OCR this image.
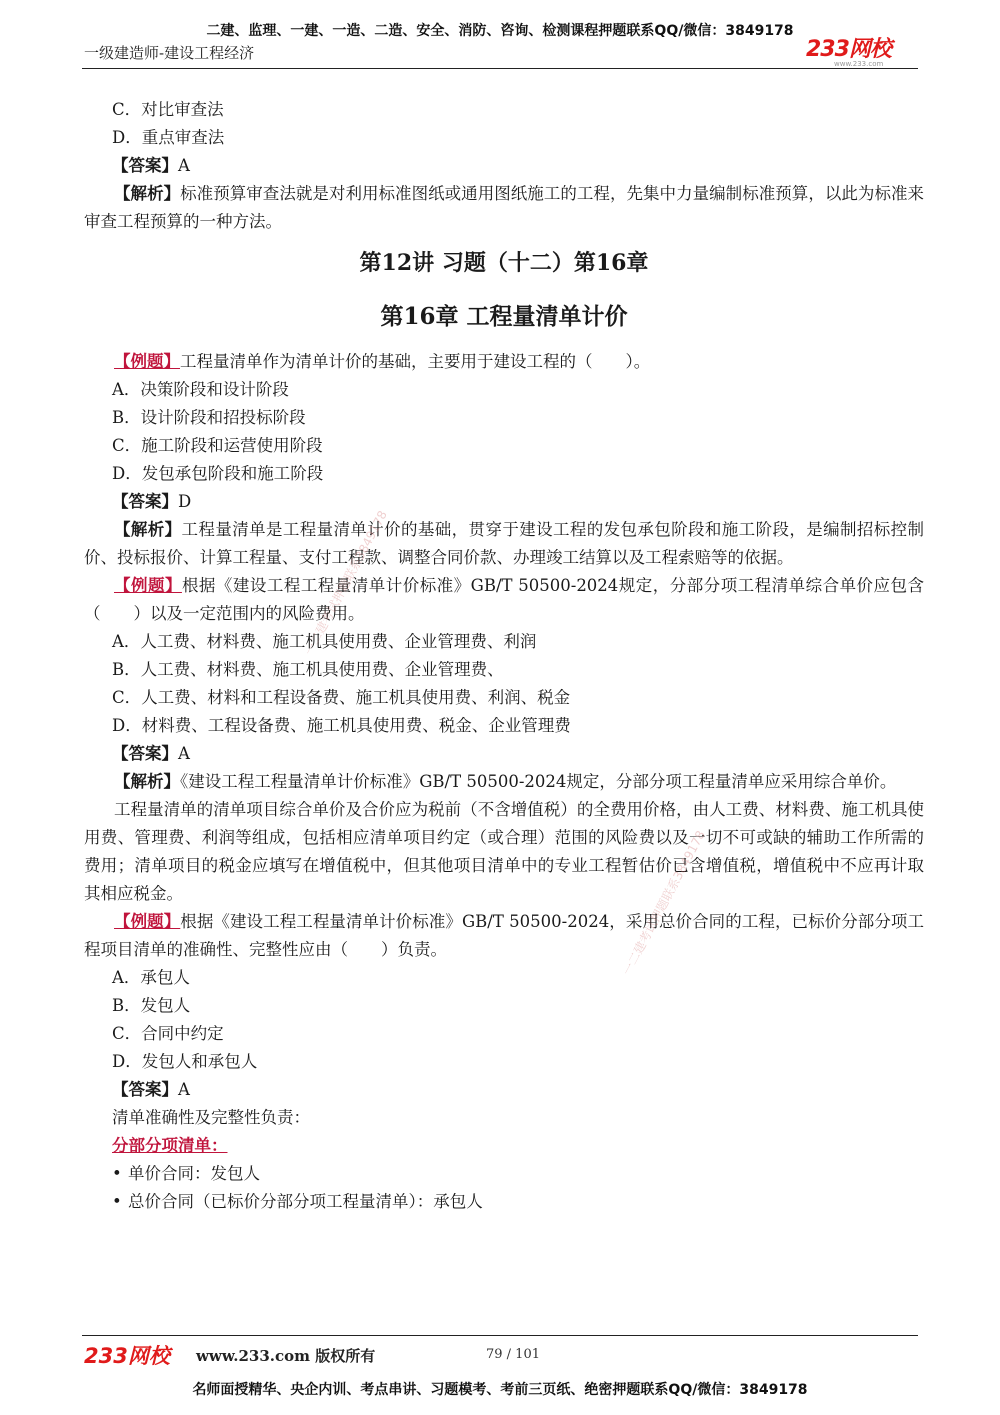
二建、监理、一建、一造、二造、安全、消防、咨询、检测课程押题联系QQ/微信：3849178
一级建造师-建设工程经济	233网校
www.233.com
C．对比审查法
D．重点审查法
【答案】A
【解析】标准预算审查法就是对利用标准图纸或通用图纸施工的工程，先集中力量编制标准预算，以此为标准来审查工程预算的一种方法。
第12讲 习题（十二）第16章
第16章 工程量清单计价
【例题】工程量清单作为清单计价的基础，主要用于建设工程的（　　）。
A．决策阶段和设计阶段
B．设计阶段和招投标阶段
C．施工阶段和运营使用阶段
D．发包承包阶段和施工阶段
【答案】D
【解析】工程量清单是工程量清单计价的基础，贯穿于建设工程的发包承包阶段和施工阶段，是编制招标控制价、投标报价、计算工程量、支付工程款、调整合同价款、办理竣工结算以及工程索赔等的依据。
【例题】根据《建设工程工程量清单计价标准》GB/T 50500-2024规定，分部分项工程清单综合单价应包含（　　）以及一定范围内的风险费用。
A．人工费、材料费、施工机具使用费、企业管理费、利润
B．人工费、材料费、施工机具使用费、企业管理费、
C．人工费、材料和工程设备费、施工机具使用费、利润、税金
D．材料费、工程设备费、施工机具使用费、税金、企业管理费
【答案】A
【解析】《建设工程工程量清单计价标准》GB/T 50500-2024规定，分部分项工程量清单应采用综合单价。
工程量清单的清单项目综合单价及合价应为税前（不含增值税）的全费用价格，由人工费、材料费、施工机具使用费、管理费、利润等组成，包括相应清单项目约定（或合理）范围的风险费以及一切不可或缺的辅助工作所需的费用；清单项目的税金应填写在增值税中，但其他项目清单中的专业工程暂估价已含增值税，增值税中不应再计取其相应税金。
【例题】根据《建设工程工程量清单计价标准》GB/T 50500-2024，采用总价合同的工程，已标价分部分项工程项目清单的准确性、完整性应由（　　）负责。
A．承包人
B．发包人
C．合同中约定
D．发包人和承包人
【答案】A
清单准确性及完整性负责：
分部分项清单：
• 单价合同：发包人
• 总价合同（已标价分部分项工程量清单）：承包人
一二建考试押题联系3849178
一二建考试押题联系3849178
233网校 www.233.com 版权所有	79 / 101
名师面授精华、央企内训、考点串讲、习题模考、考前三页纸、绝密押题联系QQ/微信：3849178
